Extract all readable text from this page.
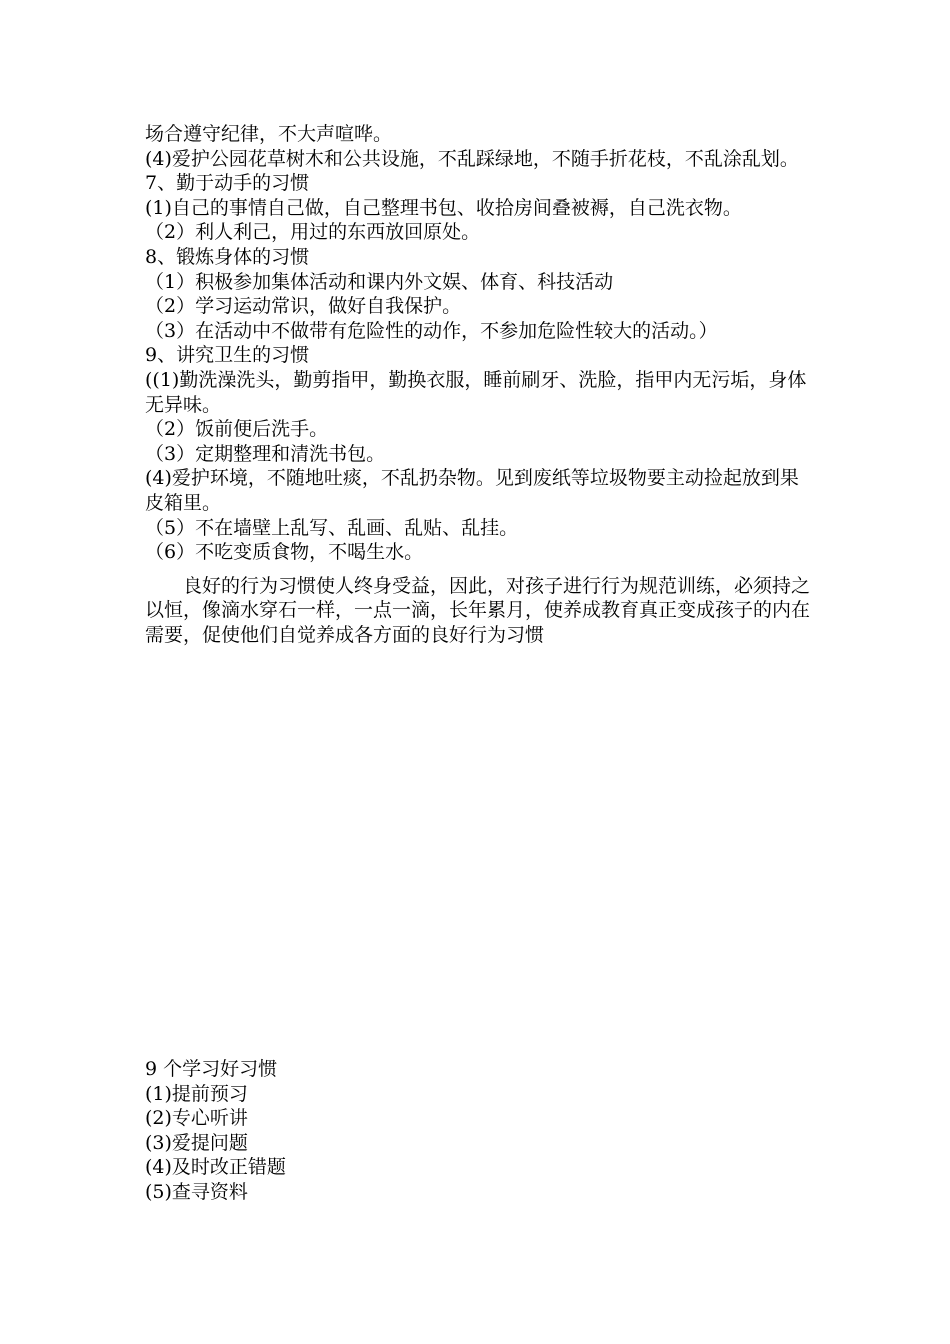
场合遵守纪律，不大声喧哗。

(4)爱护公园花草树木和公共设施，不乱踩绿地，不随手折花枝，不乱涂乱划。

7、勤于动手的习惯

(1)自己的事情自己做，自己整理书包、收拾房间叠被褥，自己洗衣物。

（2）利人利己，用过的东西放回原处。

8、锻炼身体的习惯

（1）积极参加集体活动和课内外文娱、体育、科技活动

（2）学习运动常识，做好自我保护。

（3）在活动中不做带有危险性的动作，不参加危险性较大的活动。）

9、讲究卫生的习惯

((1)勤洗澡洗头，勤剪指甲，勤换衣服，睡前刷牙、洗脸，指甲内无污垢，身体无异味。

（2）饭前便后洗手。

（3）定期整理和清洗书包。

(4)爱护环境，不随地吐痰，不乱扔杂物。见到废纸等垃圾物要主动捡起放到果皮箱里。

（5）不在墙壁上乱写、乱画、乱贴、乱挂。

（6）不吃变质食物，不喝生水。

良好的行为习惯使人终身受益，因此，对孩子进行行为规范训练，必须持之以恒，像滴水穿石一样，一点一滴，长年累月，使养成教育真正变成孩子的内在需要，促使他们自觉养成各方面的良好行为习惯

9 个学习好习惯

(1)提前预习

(2)专心听讲

(3)爱提问题

(4)及时改正错题

(5)查寻资料
